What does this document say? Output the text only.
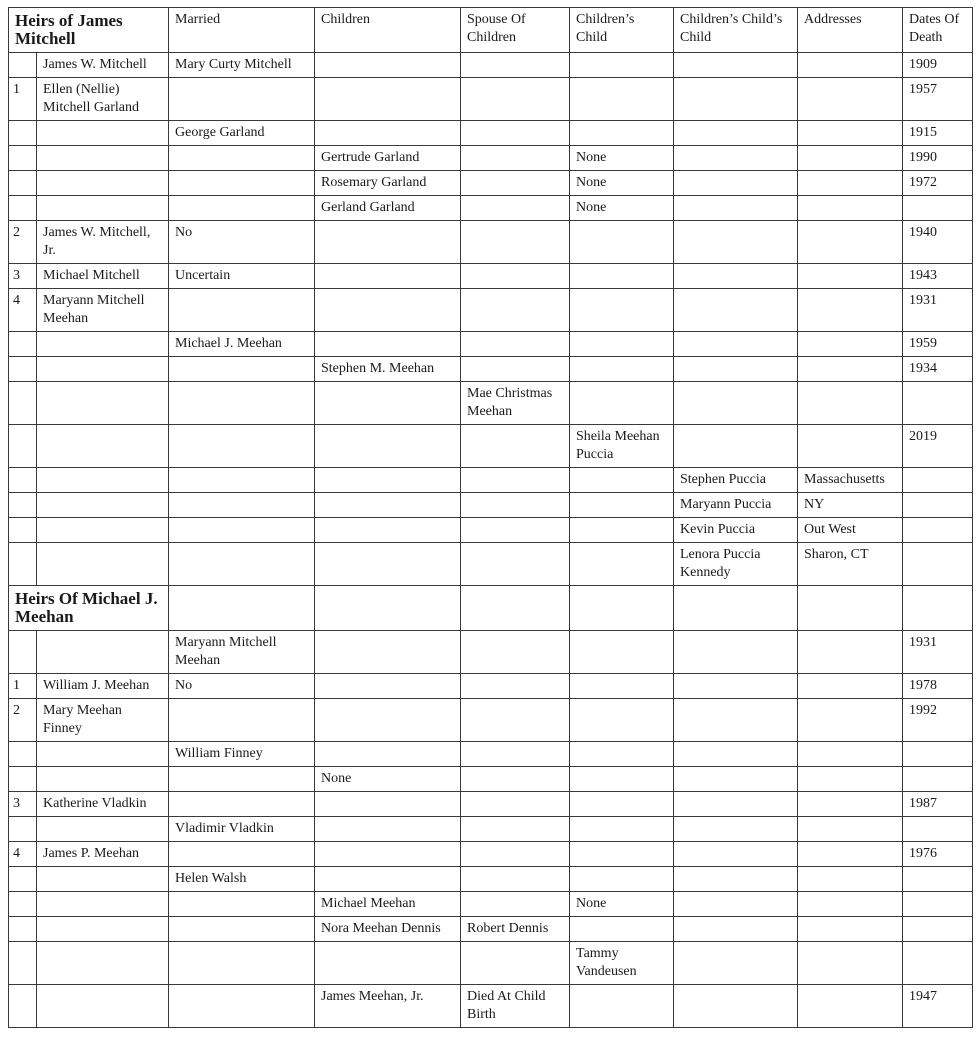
Heirs of James Mitchell		Married	Children	Spouse Of Children	Children’s Child	Children’s Child’s Child	Addresses	Dates Of Death
	James W. Mitchell	Mary Curty Mitchell						1909
1	Ellen (Nellie) Mitchell Garland							1957
		George Garland						1915
			Gertrude Garland		None			1990
			Rosemary Garland		None			1972
			Gerland Garland		None			
2	James W. Mitchell, Jr.	No						1940
3	Michael Mitchell	Uncertain						1943
4	Maryann Mitchell Meehan							1931
		Michael J. Meehan						1959
			Stephen M. Meehan					1934
				Mae Christmas Meehan				
					Sheila Meehan Puccia			2019
						Stephen Puccia	Massachusetts	
						Maryann Puccia	NY	
						Kevin Puccia	Out West	
						Lenora Puccia Kennedy	Sharon, CT	
Heirs Of Michael J. Meehan								
		Maryann Mitchell Meehan						1931
1	William J. Meehan	No						1978
2	Mary Meehan Finney							1992
		William Finney						
			None					
3	Katherine Vladkin							1987
		Vladimir Vladkin						
4	James P. Meehan							1976
		Helen Walsh						
			Michael Meehan		None			
			Nora Meehan Dennis	Robert Dennis				
					Tammy Vandeusen			
			James Meehan, Jr.	Died At Child Birth				1947
